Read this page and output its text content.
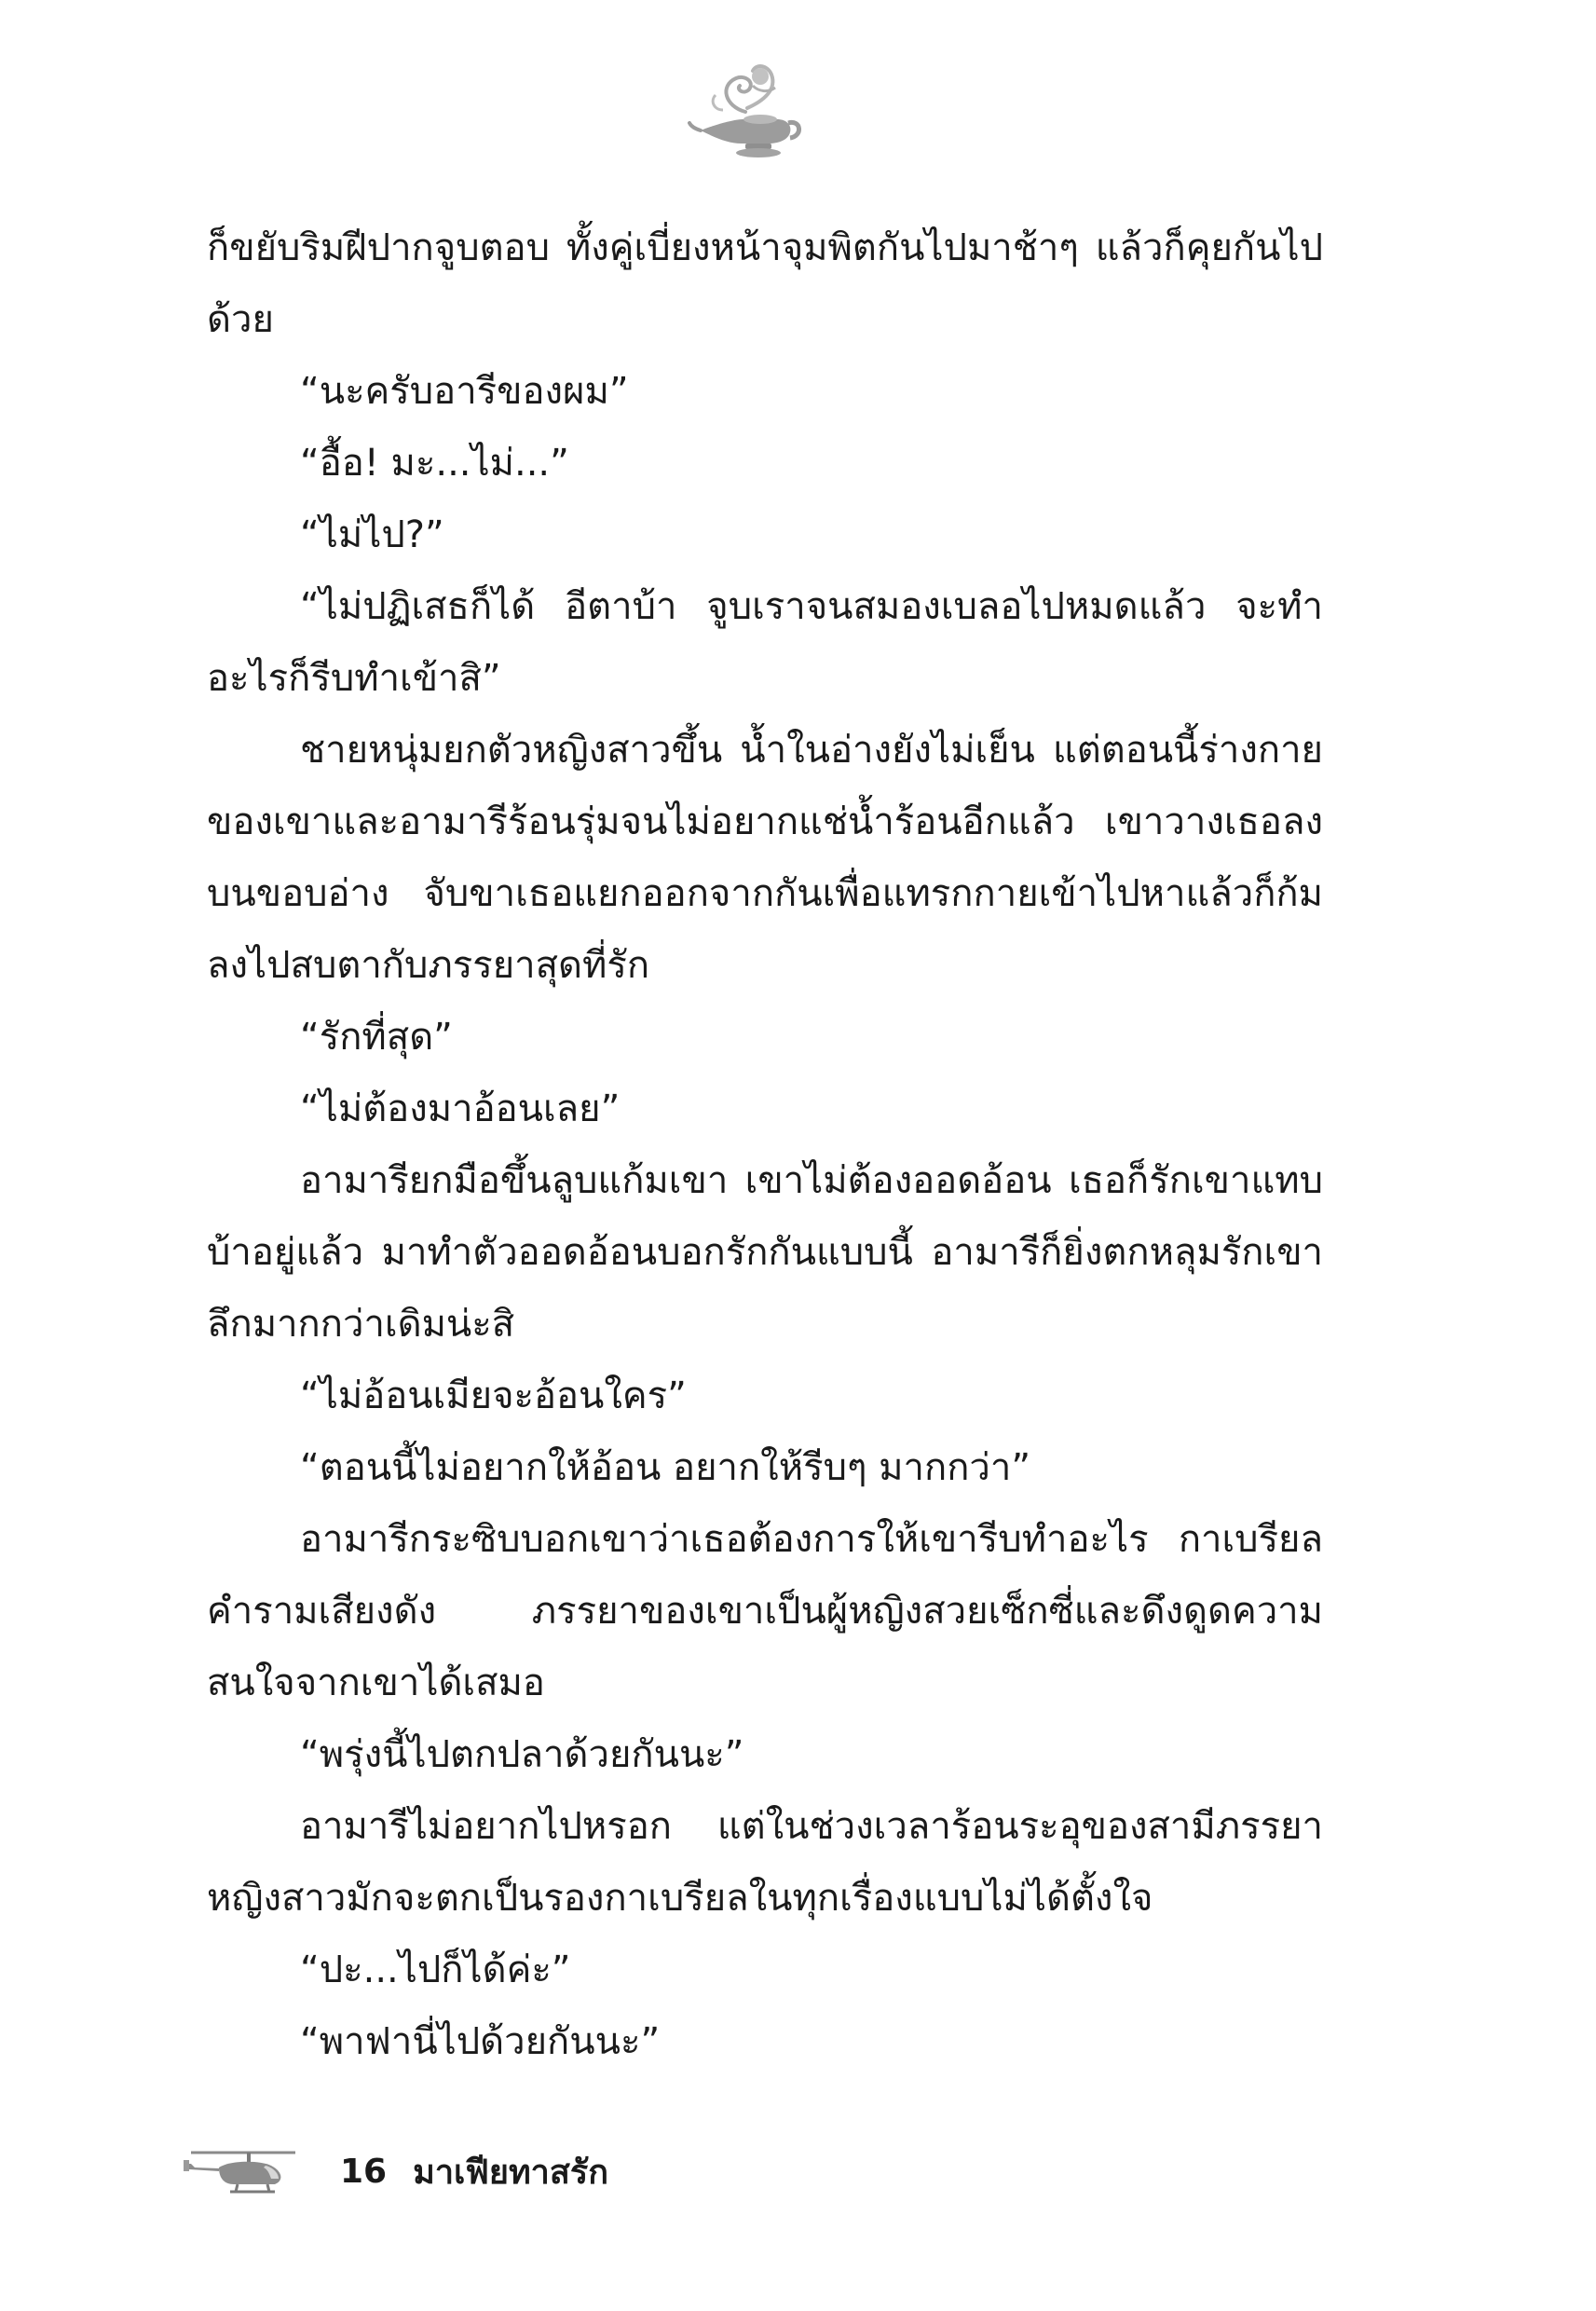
ก็ขยับริมฝีปากจูบตอบ ทั้งคู่เบี่ยงหน้าจุมพิตกันไปมาช้าๆ แล้วก็คุยกันไปด้วย

“นะครับอารีของผม”

“อื้อ! มะ...ไม่...”

“ไม่ไป?”

“ไม่ปฏิเสธก็ได้ อีตาบ้า จูบเราจนสมองเบลอไปหมดแล้ว จะทำอะไรก็รีบทำเข้าสิ”

ชายหนุ่มยกตัวหญิงสาวขึ้น น้ำในอ่างยังไม่เย็น แต่ตอนนี้ร่างกายของเขาและอามารีร้อนรุ่มจนไม่อยากแช่น้ำร้อนอีกแล้ว เขาวางเธอลงบนขอบอ่าง จับขาเธอแยกออกจากกันเพื่อแทรกกายเข้าไปหาแล้วก็ก้มลงไปสบตากับภรรยาสุดที่รัก

“รักที่สุด”

“ไม่ต้องมาอ้อนเลย”

อามารียกมือขึ้นลูบแก้มเขา เขาไม่ต้องออดอ้อน เธอก็รักเขาแทบบ้าอยู่แล้ว มาทำตัวออดอ้อนบอกรักกันแบบนี้ อามารีก็ยิ่งตกหลุมรักเขาลึกมากกว่าเดิมน่ะสิ

“ไม่อ้อนเมียจะอ้อนใคร”

“ตอนนี้ไม่อยากให้อ้อน อยากให้รีบๆ มากกว่า”

อามารีกระซิบบอกเขาว่าเธอต้องการให้เขารีบทำอะไร กาเบรียลคำรามเสียงดัง ภรรยาของเขาเป็นผู้หญิงสวยเซ็กซี่และดึงดูดความสนใจจากเขาได้เสมอ

“พรุ่งนี้ไปตกปลาด้วยกันนะ”

อามารีไม่อยากไปหรอก แต่ในช่วงเวลาร้อนระอุของสามีภรรยาหญิงสาวมักจะตกเป็นรองกาเบรียลในทุกเรื่องแบบไม่ได้ตั้งใจ

“ปะ...ไปก็ได้ค่ะ”

“พาฟานี่ไปด้วยกันนะ”

16 มาเฟียทาสรัก
